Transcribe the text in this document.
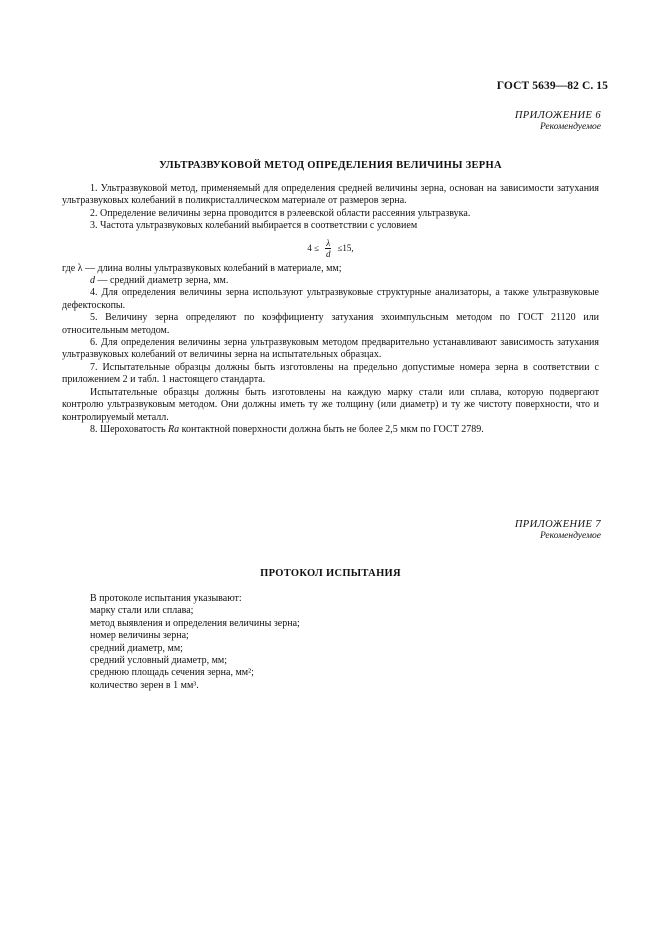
ГОСТ 5639—82 С. 15
ПРИЛОЖЕНИЕ 6
Рекомендуемое
УЛЬТРАЗВУКОВОЙ МЕТОД ОПРЕДЕЛЕНИЯ ВЕЛИЧИНЫ ЗЕРНА

1. Ультразвуковой метод, применяемый для определения средней величины зерна, основан на зависимости затухания ультразвуковых колебаний в поликристаллическом материале от размеров зерна.

2. Определение величины зерна проводится в рэлеевской области рассеяния ультразвука.

3. Частота ультразвуковых колебаний выбирается в соответствии с условием

$4 \le \frac{\lambda}{d} \le 15$,

где λ — длина волны ультразвуковых колебаний в материале, мм;

d — средний диаметр зерна, мм.

4. Для определения величины зерна используют ультразвуковые структурные анализаторы, а также ультразвуковые дефектоскопы.

5. Величину зерна определяют по коэффициенту затухания эхоимпульсным методом по ГОСТ 21120 или относительным методом.

6. Для определения величины зерна ультразвуковым методом предварительно устанавливают зависимость затухания ультразвуковых колебаний от величины зерна на испытательных образцах.

7. Испытательные образцы должны быть изготовлены на предельно допустимые номера зерна в соответствии с приложением 2 и табл. 1 настоящего стандарта.

Испытательные образцы должны быть изготовлены на каждую марку стали или сплава, которую подвергают контролю ультразвуковым методом. Они должны иметь ту же толщину (или диаметр) и ту же чистоту поверхности, что и контролируемый металл.

8. Шероховатость Ra контактной поверхности должна быть не более 2,5 мкм по ГОСТ 2789.

ПРИЛОЖЕНИЕ 7
Рекомендуемое
ПРОТОКОЛ ИСПЫТАНИЯ

В протоколе испытания указывают:

марку стали или сплава;

метод выявления и определения величины зерна;

номер величины зерна;

средний диаметр, мм;

средний условный диаметр, мм;

среднюю площадь сечения зерна, мм²;

количество зерен в 1 мм³.
